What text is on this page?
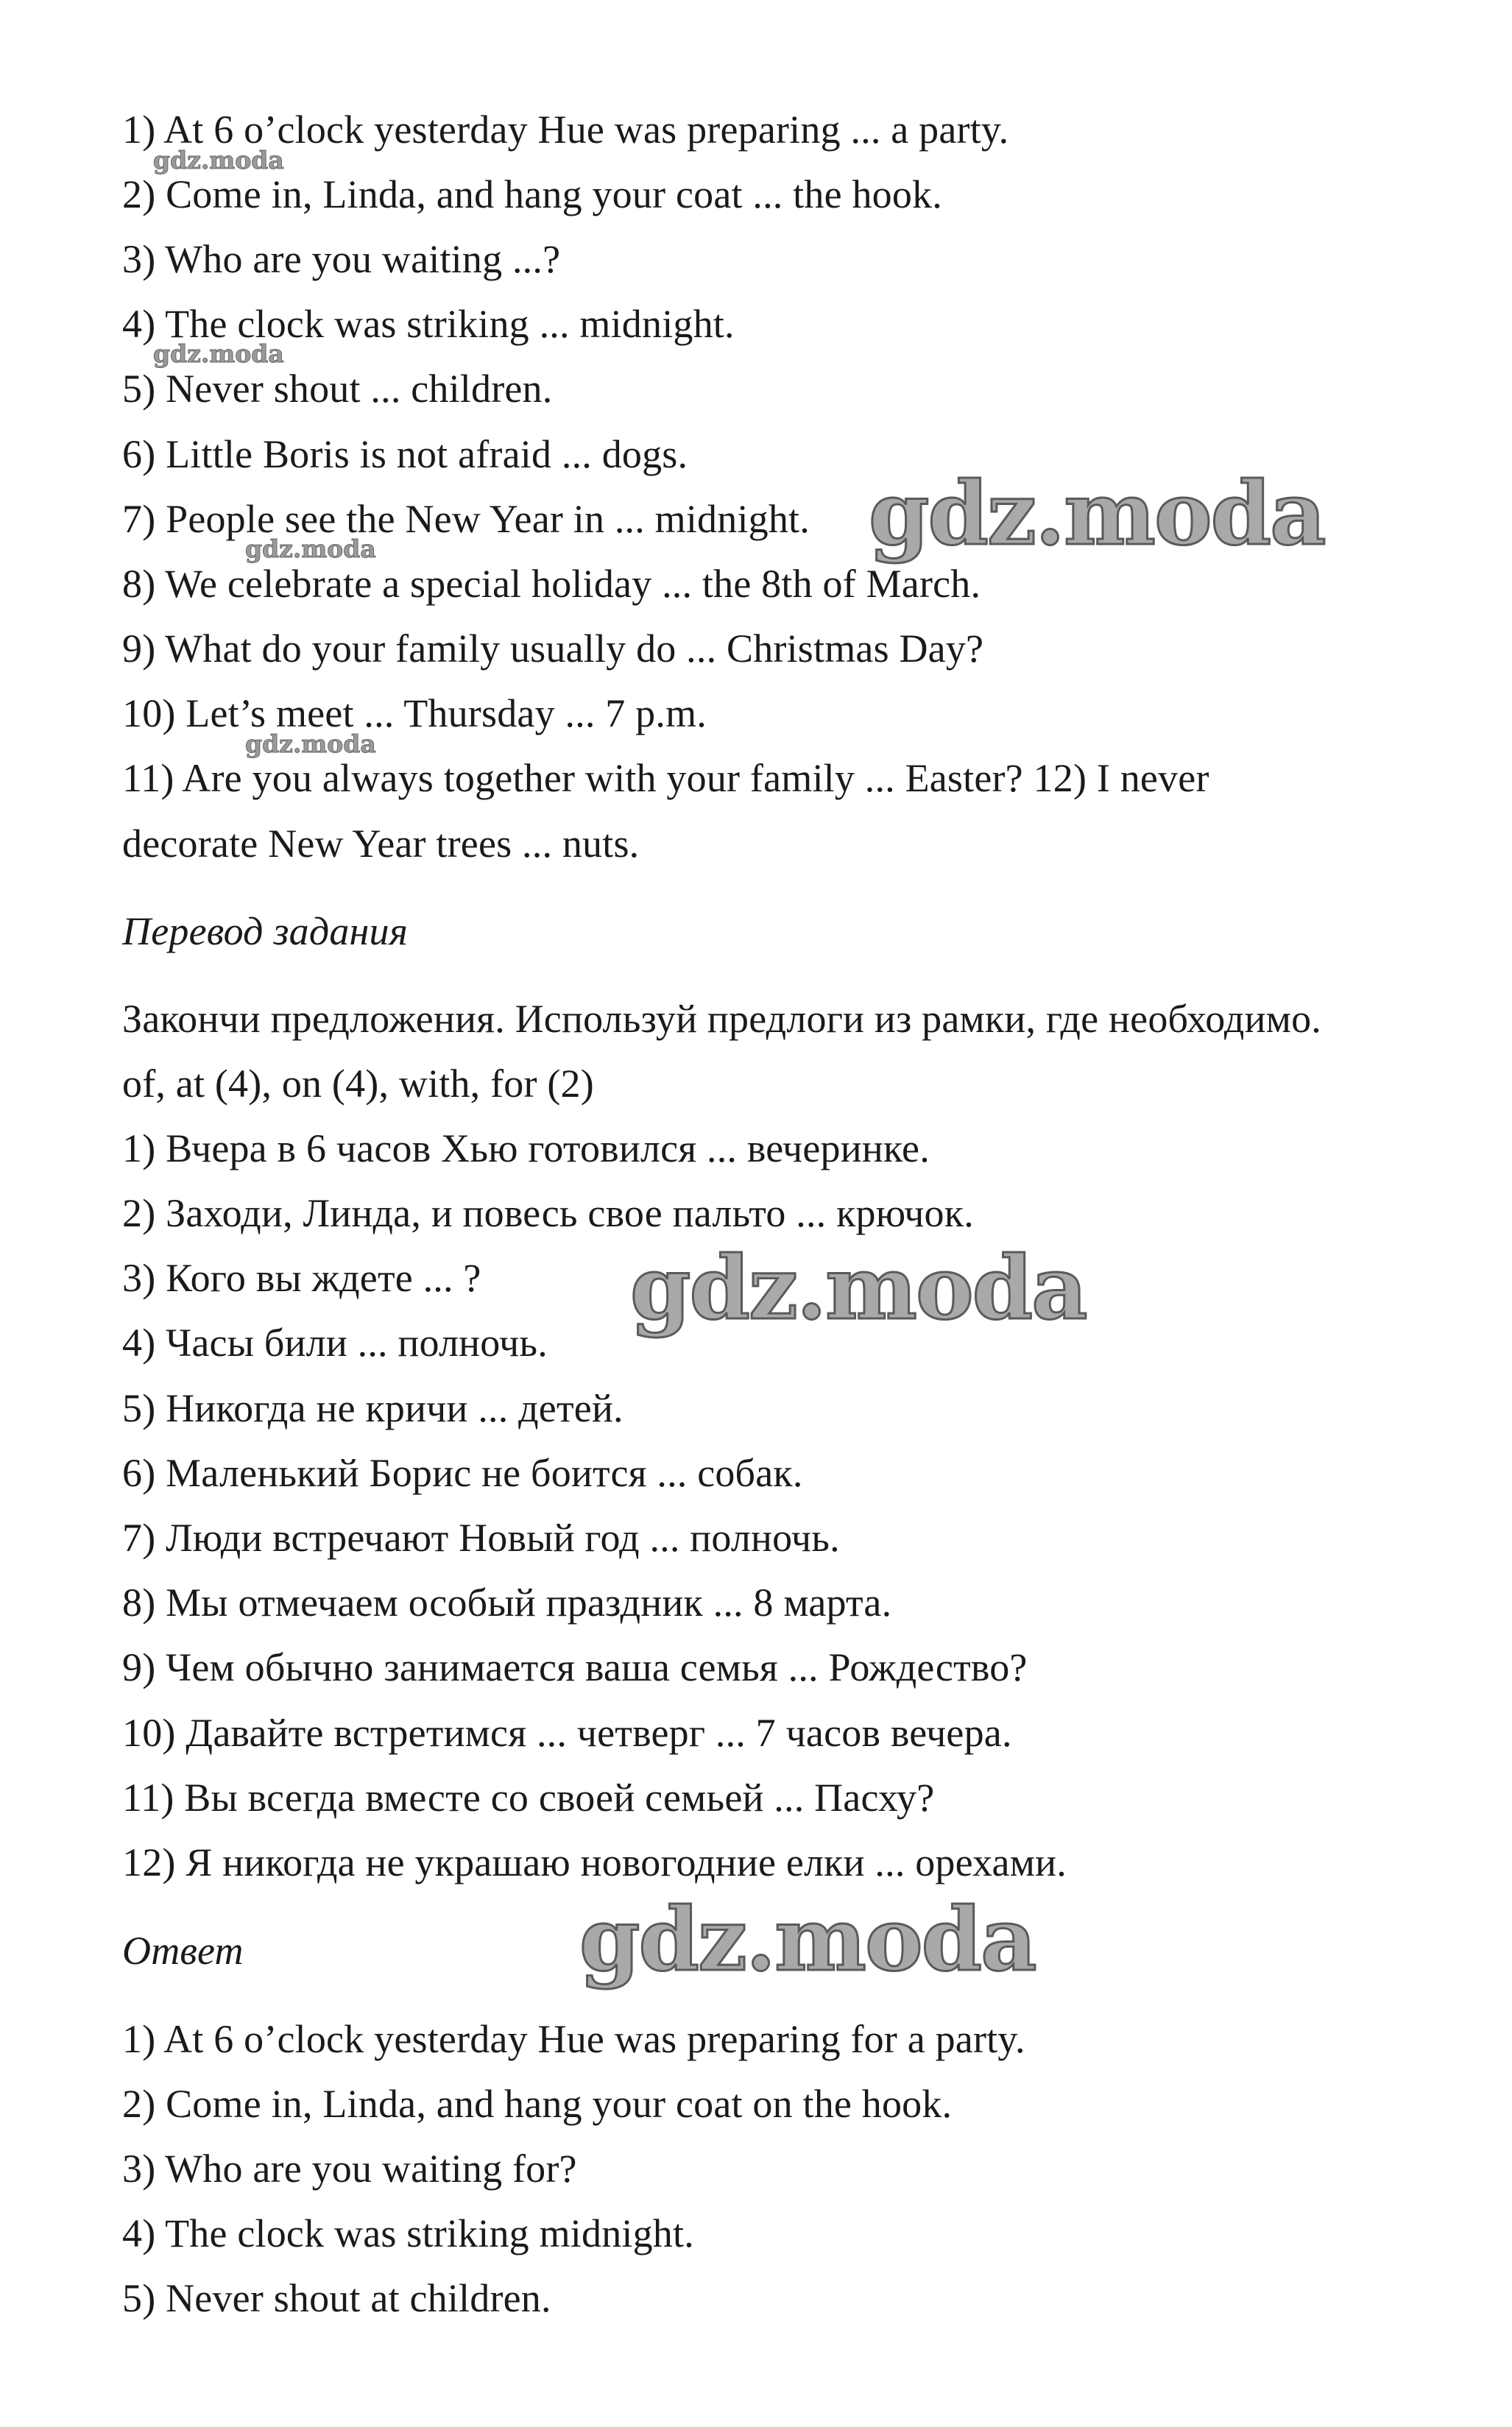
1) At 6 o’clock yesterday Hue was preparing ... a party.
2) Come in, Linda, and hang your coat ... the hook.
3) Who are you waiting ...?
4) The clock was striking ... midnight.
5) Never shout ... children.
6) Little Boris is not afraid ... dogs.
7) People see the New Year in ... midnight.
8) We celebrate a special holiday ... the 8th of March.
9) What do your family usually do ... Christmas Day?
10) Let’s meet ... Thursday ... 7 p.m.
11) Are you always together with your family ... Easter? 12) I never
decorate New Year trees ... nuts.
Перевод задания
Закончи предложения. Используй предлоги из рамки, где необходимо.
of, at (4), on (4), with, for (2)
1) Вчера в 6 часов Хью готовился ... вечеринке.
2) Заходи, Линда, и повесь свое пальто ... крючок.
3) Кого вы ждете ... ?
4) Часы били ... полночь.
5) Никогда не кричи ... детей.
6) Маленький Борис не боится ... собак.
7) Люди встречают Новый год ... полночь.
8) Мы отмечаем особый праздник ... 8 марта.
9) Чем обычно занимается ваша семья ... Рождество?
10) Давайте встретимся ... четверг ... 7 часов вечера.
11) Вы всегда вместе со своей семьей ... Пасху?
12) Я никогда не украшаю новогодние елки ... орехами.
Ответ
1) At 6 o’clock yesterday Hue was preparing for a party.
2) Come in, Linda, and hang your coat on the hook.
3) Who are you waiting for?
4) The clock was striking midnight.
5) Never shout at children.
gdz.moda
gdz.moda
gdz.moda
gdz.moda
gdz.moda
gdz.moda
gdz.moda
